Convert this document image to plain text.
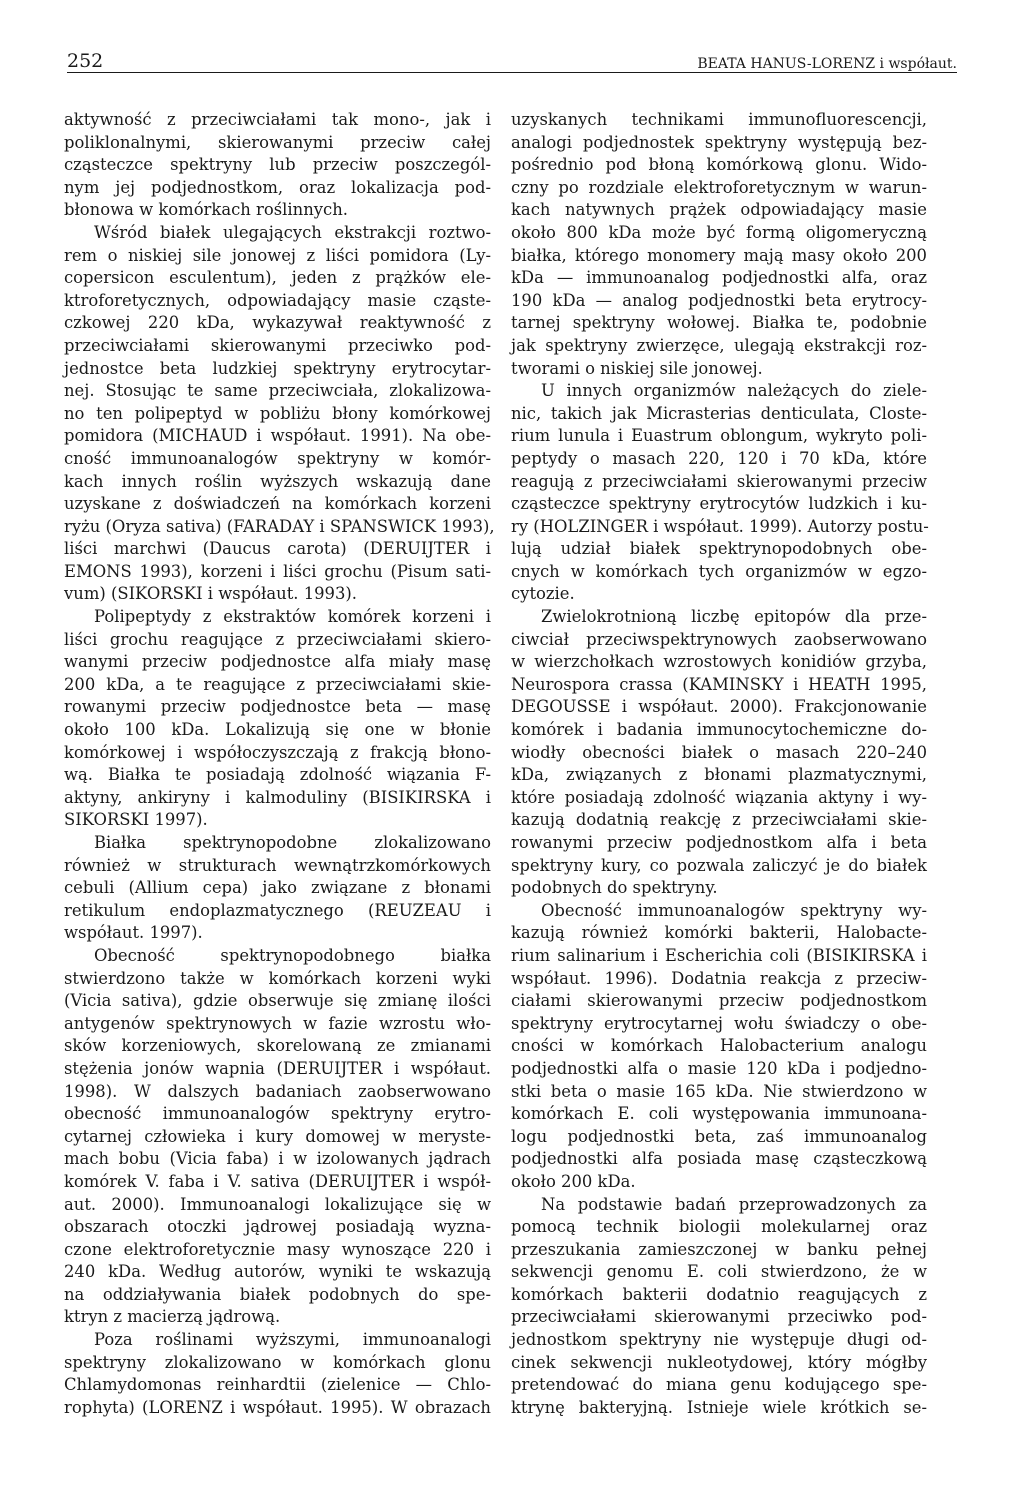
252	BEATA HANUS-LORENZ i współaut.
aktywność z przeciwciałami tak mono-, jak i
poliklonalnymi, skierowanymi przeciw całej
cząsteczce spektryny lub przeciw poszczegól-
nym jej podjednostkom, oraz lokalizacja pod-
błonowa w komórkach roślinnych.
Wśród białek ulegających ekstrakcji roztwo-
rem o niskiej sile jonowej z liści pomidora (Ly-
copersicon esculentum), jeden z prążków ele-
ktroforetycznych, odpowiadający masie cząste-
czkowej 220 kDa, wykazywał reaktywność z
przeciwciałami skierowanymi przeciwko pod-
jednostce beta ludzkiej spektryny erytrocytar-
nej. Stosując te same przeciwciała, zlokalizowa-
no ten polipeptyd w pobliżu błony komórkowej
pomidora (MICHAUD i współaut. 1991). Na obe-
cność immunoanalogów spektryny w komór-
kach innych roślin wyższych wskazują dane
uzyskane z doświadczeń na komórkach korzeni
ryżu (Oryza sativa) (FARADAY i SPANSWICK 1993),
liści marchwi (Daucus carota) (DERUIJTER i
EMONS 1993), korzeni i liści grochu (Pisum sati-
vum) (SIKORSKI i współaut. 1993).
Polipeptydy z ekstraktów komórek korzeni i
liści grochu reagujące z przeciwciałami skiero-
wanymi przeciw podjednostce alfa miały masę
200 kDa, a te reagujące z przeciwciałami skie-
rowanymi przeciw podjednostce beta — masę
około 100 kDa. Lokalizują się one w błonie
komórkowej i współoczyszczają z frakcją błono-
wą. Białka te posiadają zdolność wiązania F-
aktyny, ankiryny i kalmoduliny (BISIKIRSKA i
SIKORSKI 1997).
Białka spektrynopodobne zlokalizowano
również w strukturach wewnątrzkomórkowych
cebuli (Allium cepa) jako związane z błonami
retikulum endoplazmatycznego (REUZEAU i
współaut. 1997).
Obecność spektrynopodobnego białka
stwierdzono także w komórkach korzeni wyki
(Vicia sativa), gdzie obserwuje się zmianę ilości
antygenów spektrynowych w fazie wzrostu wło-
sków korzeniowych, skorelowaną ze zmianami
stężenia jonów wapnia (DERUIJTER i współaut.
1998). W dalszych badaniach zaobserwowano
obecność immunoanalogów spektryny erytro-
cytarnej człowieka i kury domowej w meryste-
mach bobu (Vicia faba) i w izolowanych jądrach
komórek V. faba i V. sativa (DERUIJTER i współ-
aut. 2000). Immunoanalogi lokalizujące się w
obszarach otoczki jądrowej posiadają wyzna-
czone elektroforetycznie masy wynoszące 220 i
240 kDa. Według autorów, wyniki te wskazują
na oddziaływania białek podobnych do spe-
ktryn z macierzą jądrową.
Poza roślinami wyższymi, immunoanalogi
spektryny zlokalizowano w komórkach glonu
Chlamydomonas reinhardtii (zielenice — Chlo-
rophyta) (LORENZ i współaut. 1995). W obrazach
uzyskanych technikami immunofluorescencji,
analogi podjednostek spektryny występują bez-
pośrednio pod błoną komórkową glonu. Wido-
czny po rozdziale elektroforetycznym w warun-
kach natywnych prążek odpowiadający masie
około 800 kDa może być formą oligomeryczną
białka, którego monomery mają masy około 200
kDa — immunoanalog podjednostki alfa, oraz
190 kDa — analog podjednostki beta erytrocy-
tarnej spektryny wołowej. Białka te, podobnie
jak spektryny zwierzęce, ulegają ekstrakcji roz-
tworami o niskiej sile jonowej.
U innych organizmów należących do ziele-
nic, takich jak Micrasterias denticulata, Closte-
rium lunula i Euastrum oblongum, wykryto poli-
peptydy o masach 220, 120 i 70 kDa, które
reagują z przeciwciałami skierowanymi przeciw
cząsteczce spektryny erytrocytów ludzkich i ku-
ry (HOLZINGER i współaut. 1999). Autorzy postu-
lują udział białek spektrynopodobnych obe-
cnych w komórkach tych organizmów w egzo-
cytozie.
Zwielokrotnioną liczbę epitopów dla prze-
ciwciał przeciwspektrynowych zaobserwowano
w wierzchołkach wzrostowych konidiów grzyba,
Neurospora crassa (KAMINSKY i HEATH 1995,
DEGOUSSE i współaut. 2000). Frakcjonowanie
komórek i badania immunocytochemiczne do-
wiodły obecności białek o masach 220–240
kDa, związanych z błonami plazmatycznymi,
które posiadają zdolność wiązania aktyny i wy-
kazują dodatnią reakcję z przeciwciałami skie-
rowanymi przeciw podjednostkom alfa i beta
spektryny kury, co pozwala zaliczyć je do białek
podobnych do spektryny.
Obecność immunoanalogów spektryny wy-
kazują również komórki bakterii, Halobacte-
rium salinarium i Escherichia coli (BISIKIRSKA i
współaut. 1996). Dodatnia reakcja z przeciw-
ciałami skierowanymi przeciw podjednostkom
spektryny erytrocytarnej wołu świadczy o obe-
cności w komórkach Halobacterium analogu
podjednostki alfa o masie 120 kDa i podjedno-
stki beta o masie 165 kDa. Nie stwierdzono w
komórkach E. coli występowania immunoana-
logu podjednostki beta, zaś immunoanalog
podjednostki alfa posiada masę cząsteczkową
około 200 kDa.
Na podstawie badań przeprowadzonych za
pomocą technik biologii molekularnej oraz
przeszukania zamieszczonej w banku pełnej
sekwencji genomu E. coli stwierdzono, że w
komórkach bakterii dodatnio reagujących z
przeciwciałami skierowanymi przeciwko pod-
jednostkom spektryny nie występuje długi od-
cinek sekwencji nukleotydowej, który mógłby
pretendować do miana genu kodującego spe-
ktrynę bakteryjną. Istnieje wiele krótkich se-
